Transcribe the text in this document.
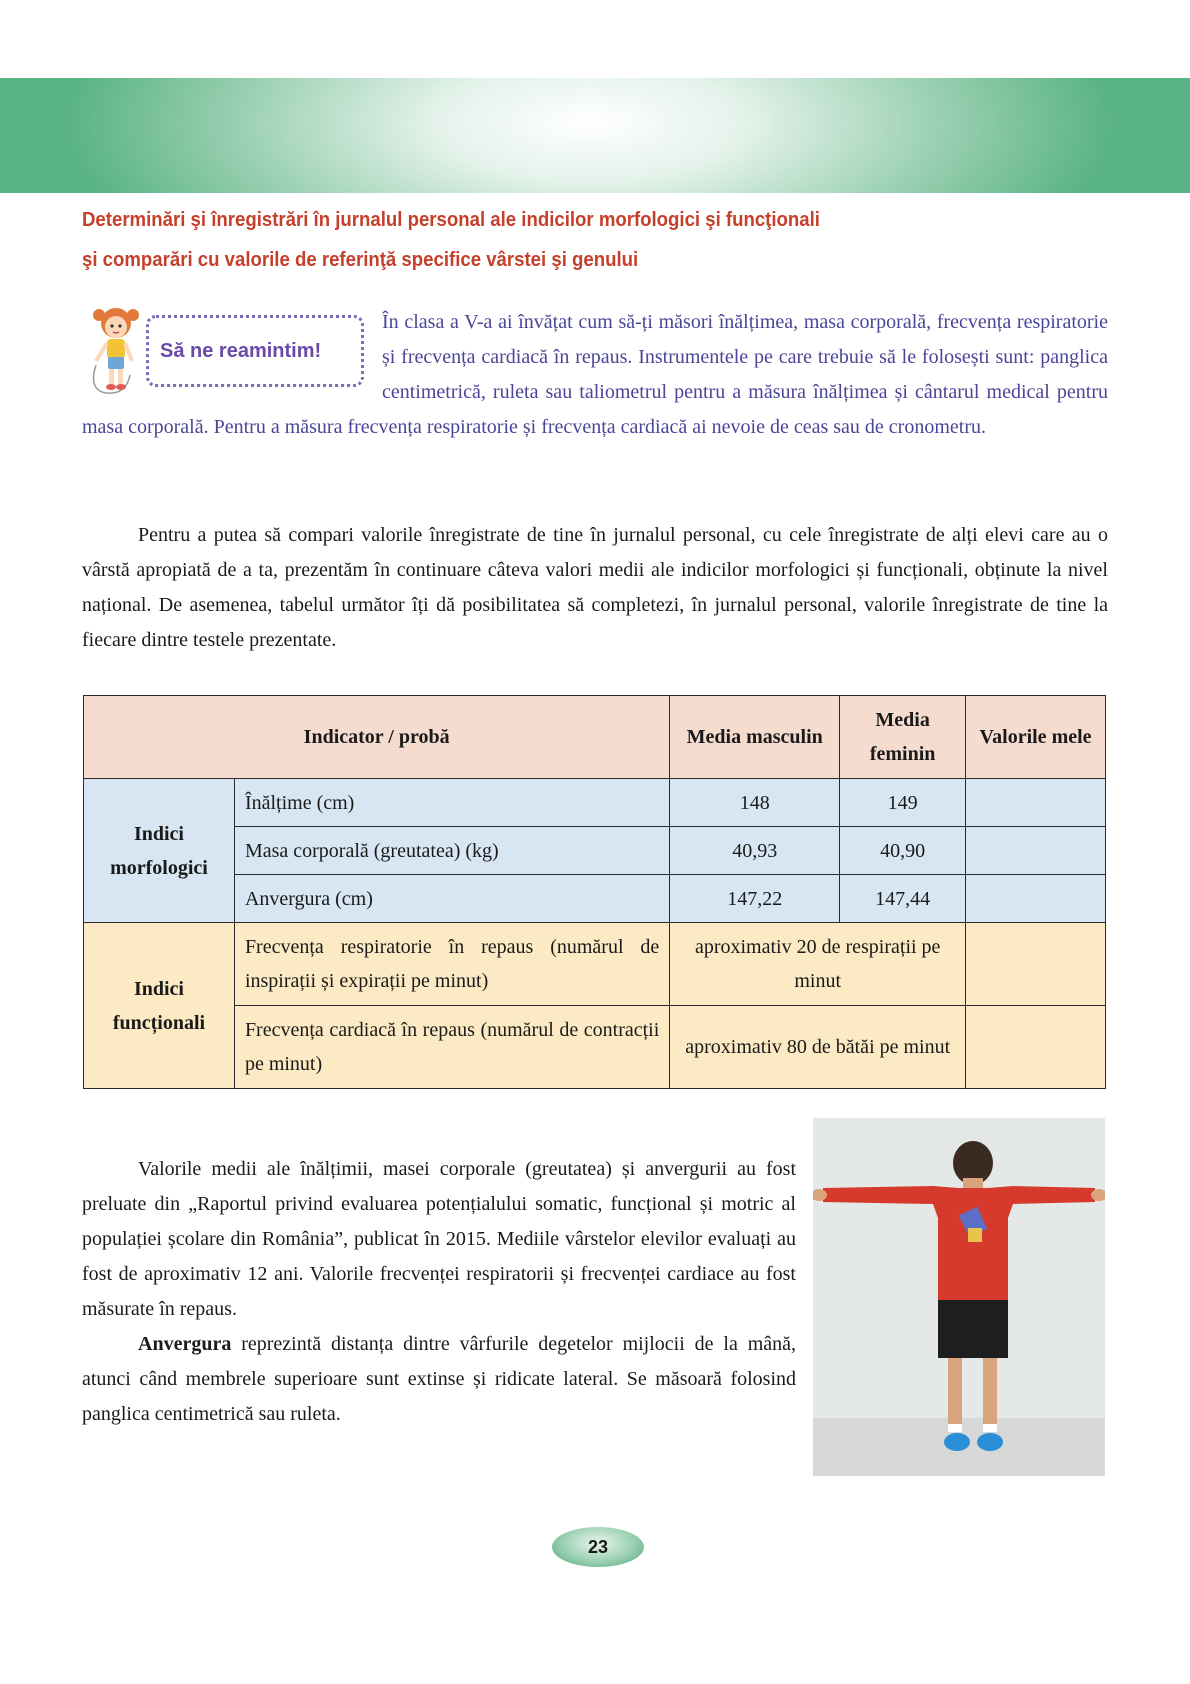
Determinări şi înregistrări în jurnalul personal ale indicilor morfologici şi funcţionali
şi comparări cu valorile de referinţă specifice vârstei şi genului
În clasa a V-a ai învățat cum să-ți măsori înălțimea, masa corporală, frecvența respiratorie și frecvența cardiacă în repaus. Instrumentele pe care trebuie să le folosești sunt: panglica centimetrică, ruleta sau taliometrul pentru a măsura înălțimea și cântarul medical pentru masa corporală. Pentru a măsura frecvența respiratorie și frecvența cardiacă ai nevoie de ceas sau de cronometru.
Să ne reamintim!
Pentru a putea să compari valorile înregistrate de tine în jurnalul personal, cu cele înregistrate de alți elevi care au o vârstă apropiată de a ta, prezentăm în continuare câteva valori medii ale indicilor morfologici și funcționali, obținute la nivel național. De asemenea, tabelul următor îți dă posibilitatea să completezi, în jurnalul personal, valorile înregistrate de tine la fiecare dintre testele prezentate.
Indicator / probă		Media masculin	Media feminin	Valorile mele
Indici morfologici	Înălțime (cm)	148	149	
	Masa corporală (greutatea) (kg)	40,93	40,90	
	Anvergura (cm)	147,22	147,44	
Indici funcționali	Frecvența respiratorie în repaus (numărul de inspirații și expirații pe minut)	aproximativ 20 de respirații pe minut		
	Frecvența cardiacă în repaus (numărul de contracții pe minut)	aproximativ 80 de bătăi pe minut		

Valorile medii ale înălțimii, masei corporale (greutatea) și anvergurii au fost preluate din „Raportul privind evaluarea potențialului somatic, funcțional și motric al populației școlare din România”, publicat în 2015. Mediile vârstelor elevilor evaluați au fost de aproximativ 12 ani. Valorile frecvenței respiratorii și frecvenței cardiace au fost măsurate în repaus.

Anvergura reprezintă distanța dintre vârfurile degetelor mijlocii de la mână, atunci când membrele superioare sunt extinse și ridicate lateral. Se măsoară folosind panglica centimetrică sau ruleta.

23
